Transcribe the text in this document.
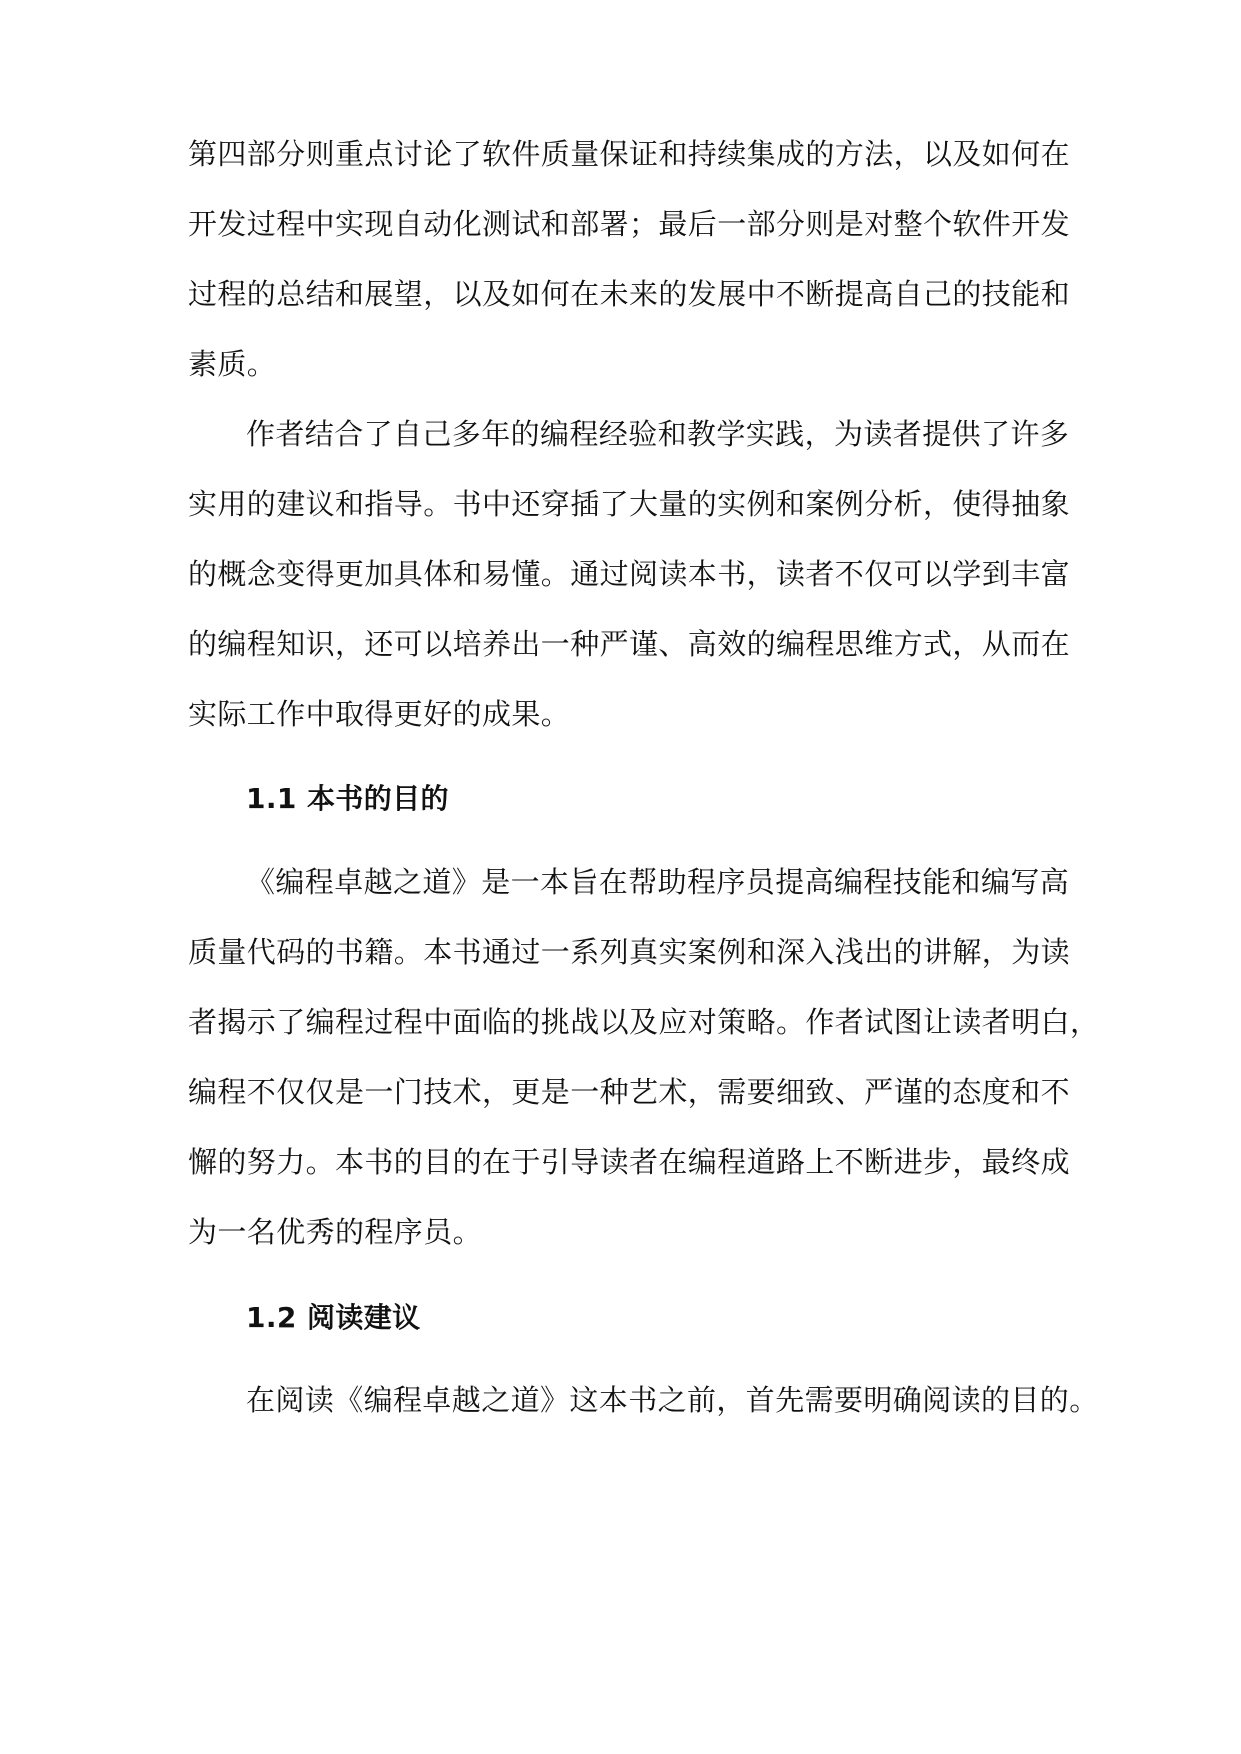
第四部分则重点讨论了软件质量保证和持续集成的方法，以及如何在
开发过程中实现自动化测试和部署；最后一部分则是对整个软件开发
过程的总结和展望，以及如何在未来的发展中不断提高自己的技能和
素质。
作者结合了自己多年的编程经验和教学实践，为读者提供了许多
实用的建议和指导。书中还穿插了大量的实例和案例分析，使得抽象
的概念变得更加具体和易懂。通过阅读本书，读者不仅可以学到丰富
的编程知识，还可以培养出一种严谨、高效的编程思维方式，从而在
实际工作中取得更好的成果。
1.1 本书的目的
《编程卓越之道》是一本旨在帮助程序员提高编程技能和编写高
质量代码的书籍。本书通过一系列真实案例和深入浅出的讲解，为读
者揭示了编程过程中面临的挑战以及应对策略。作者试图让读者明白，
编程不仅仅是一门技术，更是一种艺术，需要细致、严谨的态度和不
懈的努力。本书的目的在于引导读者在编程道路上不断进步，最终成
为一名优秀的程序员。
1.2 阅读建议
在阅读《编程卓越之道》这本书之前，首先需要明确阅读的目的。
